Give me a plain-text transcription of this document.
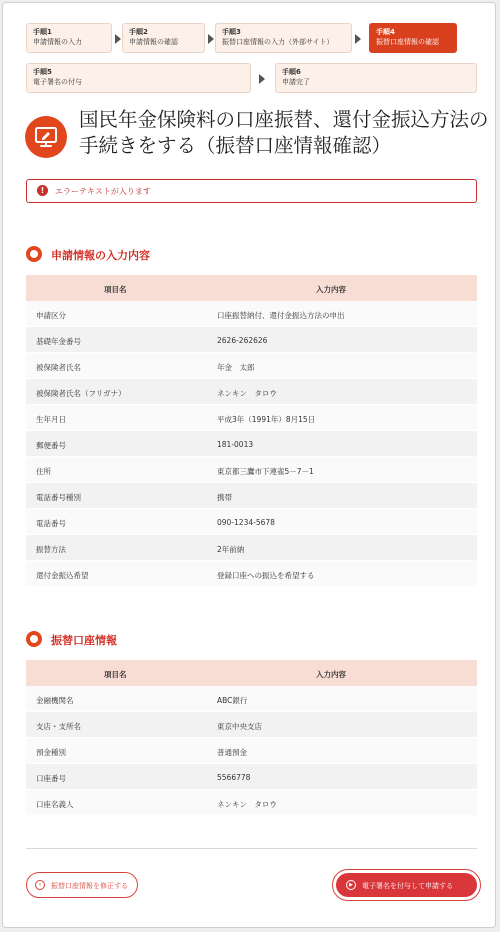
手順1
申請情報の入力
手順2
申請情報の確認
手順3
振替口座情報の入力（外部サイト）
手順4
振替口座情報の確認
手順5
電子署名の付与
手順6
申請完了
国民年金保険料の口座振替、還付金振込方法の手続きをする（振替口座情報確認）
!	エラーテキストが入ります
申請情報の入力内容
項目名	入力内容
申請区分	口座振替納付、還付金振込方法の申出
基礎年金番号	2626-262626
被保険者氏名	年金　太郎
被保険者氏名（フリガナ）	ネンキン　タロウ
生年月日	平成3年（1991年）8月15日
郵便番号	181-0013
住所	東京都三鷹市下連雀5－7－1
電話番号種別	携帯
電話番号	090-1234-5678
振替方法	2年前納
還付金振込希望	登録口座への振込を希望する
振替口座情報
項目名	入力内容
金融機関名	ABC銀行
支店・支所名	東京中央支店
預金種別	普通預金
口座番号	5566778
口座名義人	ネンキン　タロウ
‹	振替口座情報を修正する	▶	電子署名を付与して申請する
